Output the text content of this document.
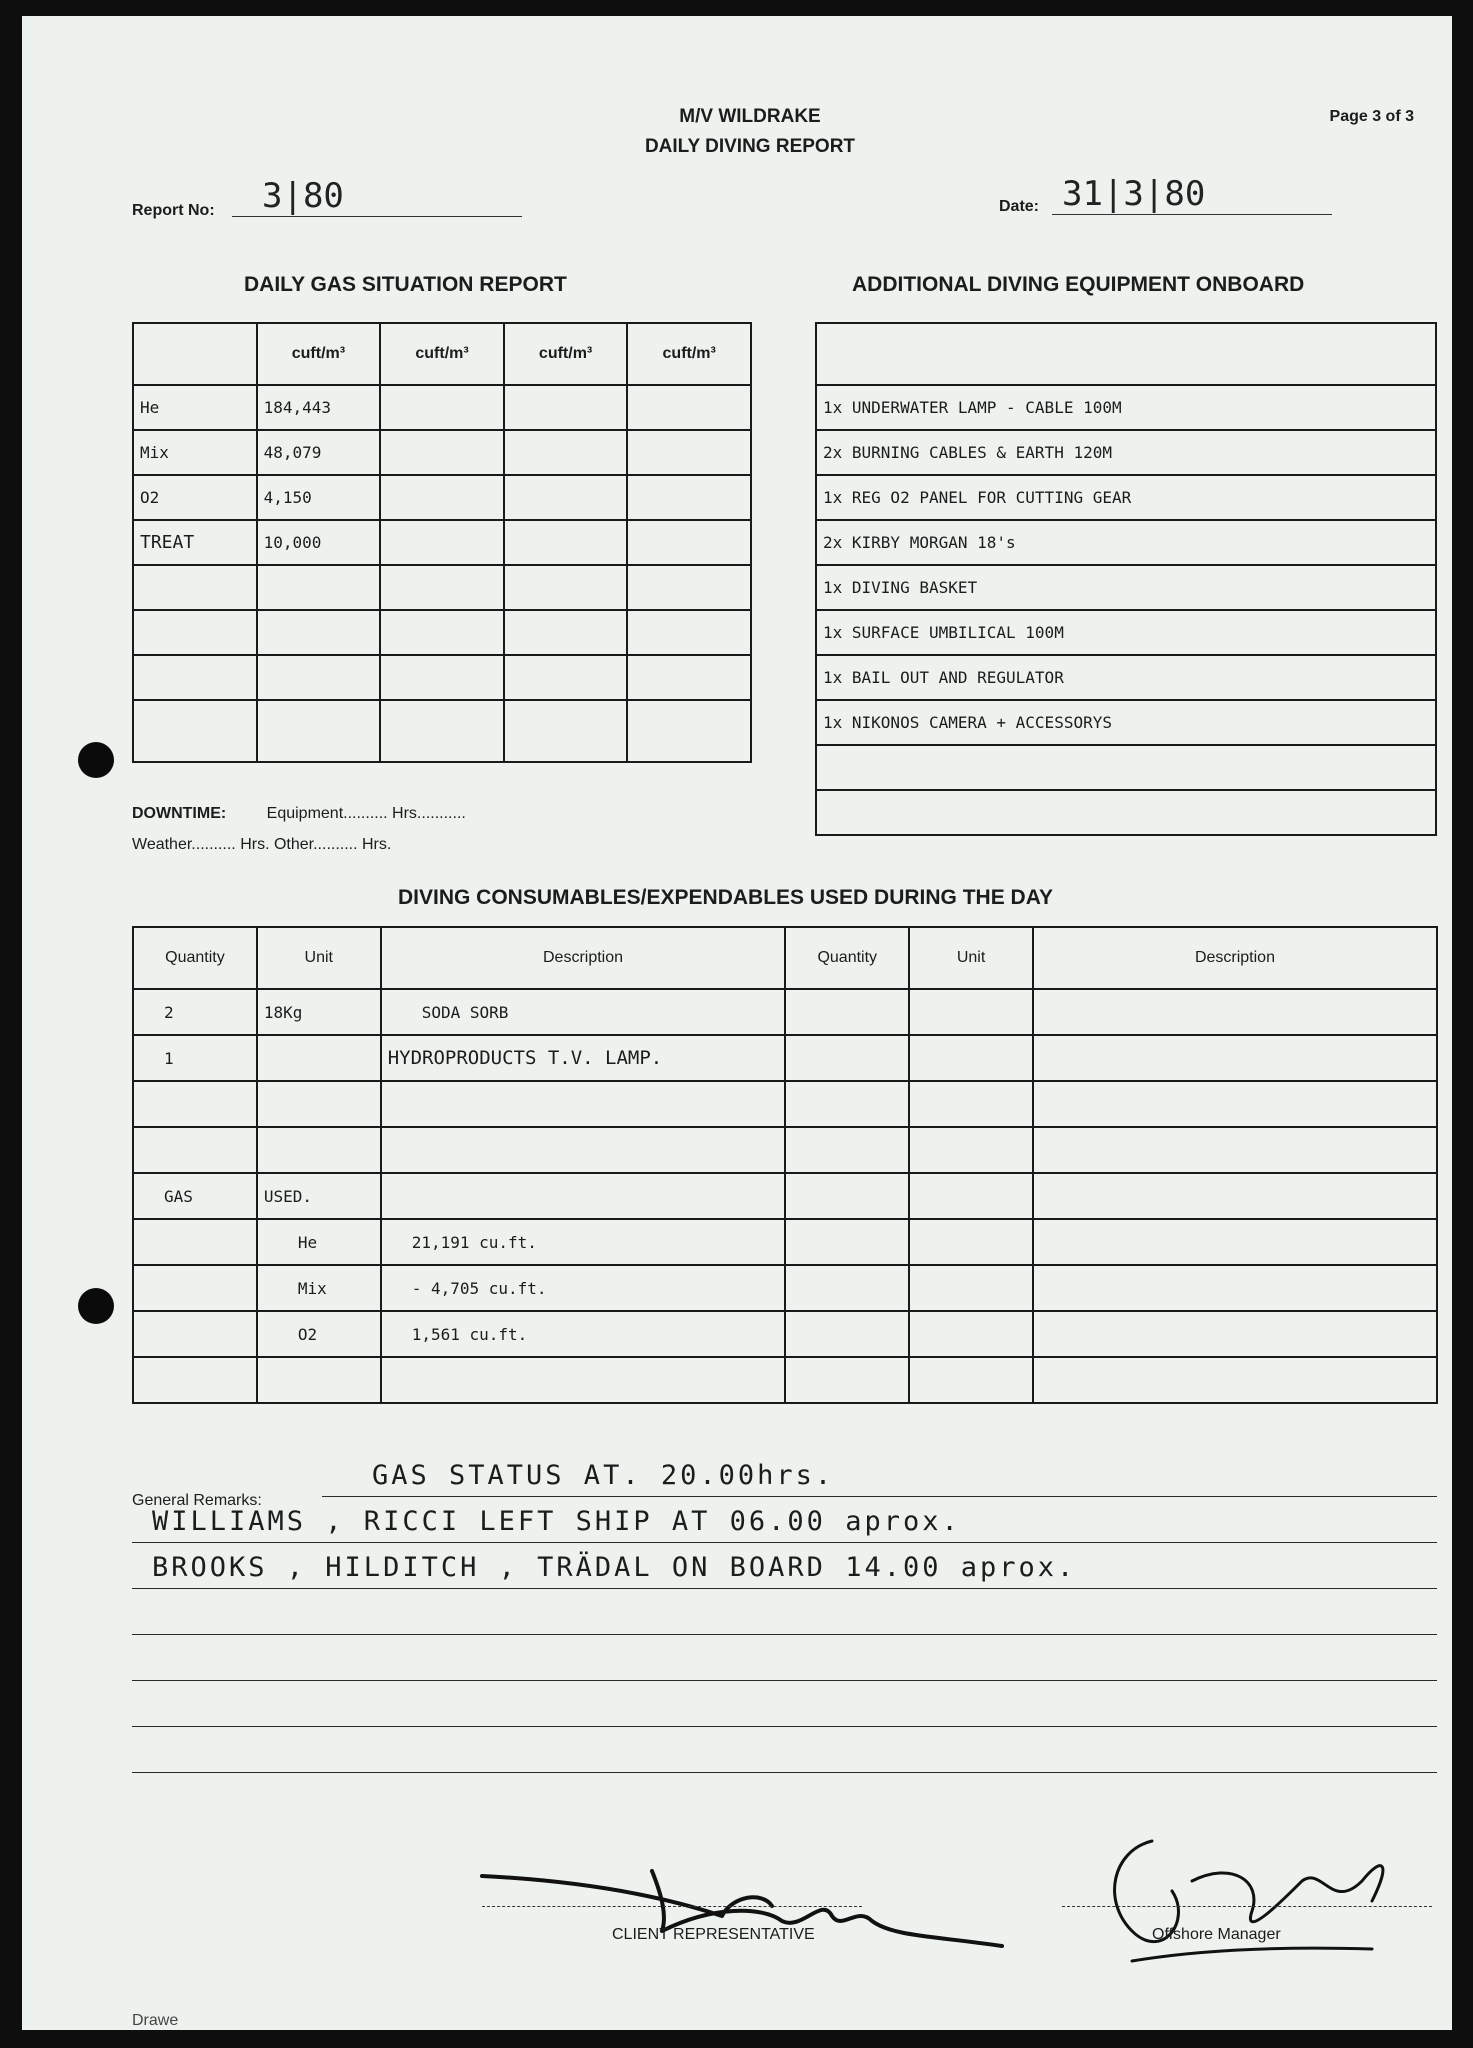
M/V WILDRAKE
DAILY DIVING REPORT
Page 3 of 3
Report No: 3|80	Date: 31|3|80
DAILY GAS SITUATION REPORT	ADDITIONAL DIVING EQUIPMENT ONBOARD
	cuft/m³	cuft/m³	cuft/m³	cuft/m³
He	184,443			
Mix	48,079			
O2	4,150			
TREAT	10,000			

1x UNDERWATER LAMP - CABLE 100M
2x BURNING CABLES & EARTH 120M
1x REG O2 PANEL FOR CUTTING GEAR
2x KIRBY MORGAN 18's
1x DIVING BASKET
1x SURFACE UMBILICAL 100M
1x BAIL OUT AND REGULATOR
1x NIKONOS CAMERA + ACCESSORYS

DOWNTIME:	Equipment.......... Hrs...........
Weather.......... Hrs. Other.......... Hrs.
DIVING CONSUMABLES/EXPENDABLES USED DURING THE DAY
Quantity	Unit	Description	Quantity	Unit	Description
2	18Kg	SODA SORB			
1		HYDROPRODUCTS T.V. LAMP.			

GAS	USED.				
	He	21,191 cu.ft.			
	Mix	- 4,705 cu.ft.			
	O2	1,561 cu.ft.			

General Remarks:
GAS STATUS AT. 20.00hrs.
WILLIAMS , RICCI LEFT SHIP AT 06.00 aprox.
BROOKS , HILDITCH , TRÄDAL ON BOARD 14.00 aprox.
CLIENT REPRESENTATIVE	Offshore Manager
Drawe
